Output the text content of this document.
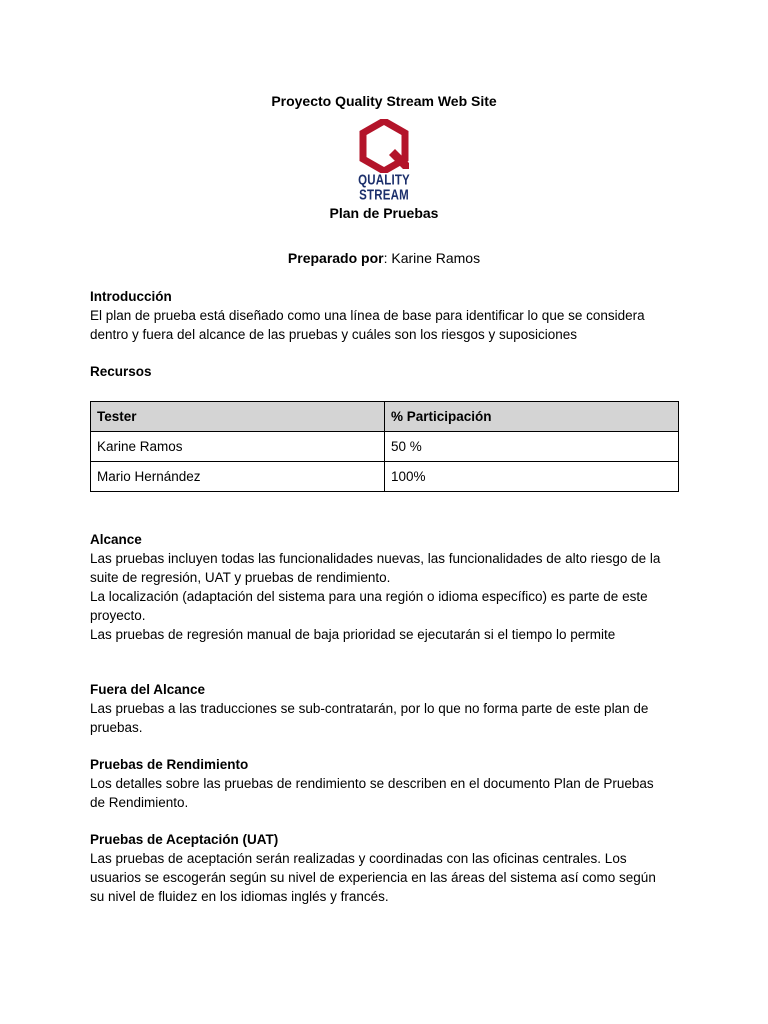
Proyecto Quality Stream Web Site
QUALITY STREAM
Plan de Pruebas
Preparado por: Karine Ramos
Introducción

El plan de prueba está diseñado como una línea de base para identificar lo que se considera

dentro y fuera del alcance de las pruebas y cuáles son los riesgos y suposiciones

Recursos
Tester	% Participación
Karine Ramos	50 %
Mario Hernández	100%
Alcance

Las pruebas incluyen todas las funcionalidades nuevas, las funcionalidades de alto riesgo de la

suite de regresión, UAT y pruebas de rendimiento.

La localización (adaptación del sistema para una región o idioma específico) es parte de este

proyecto.

Las pruebas de regresión manual de baja prioridad se ejecutarán si el tiempo lo permite

Fuera del Alcance

Las pruebas a las traducciones se sub-contratarán, por lo que no forma parte de este plan de

pruebas.

Pruebas de Rendimiento

Los detalles sobre las pruebas de rendimiento se describen en el documento Plan de Pruebas

de Rendimiento.

Pruebas de Aceptación (UAT)

Las pruebas de aceptación serán realizadas y coordinadas con las oficinas centrales. Los

usuarios se escogerán según su nivel de experiencia en las áreas del sistema así como según

su nivel de fluidez en los idiomas inglés y francés.
